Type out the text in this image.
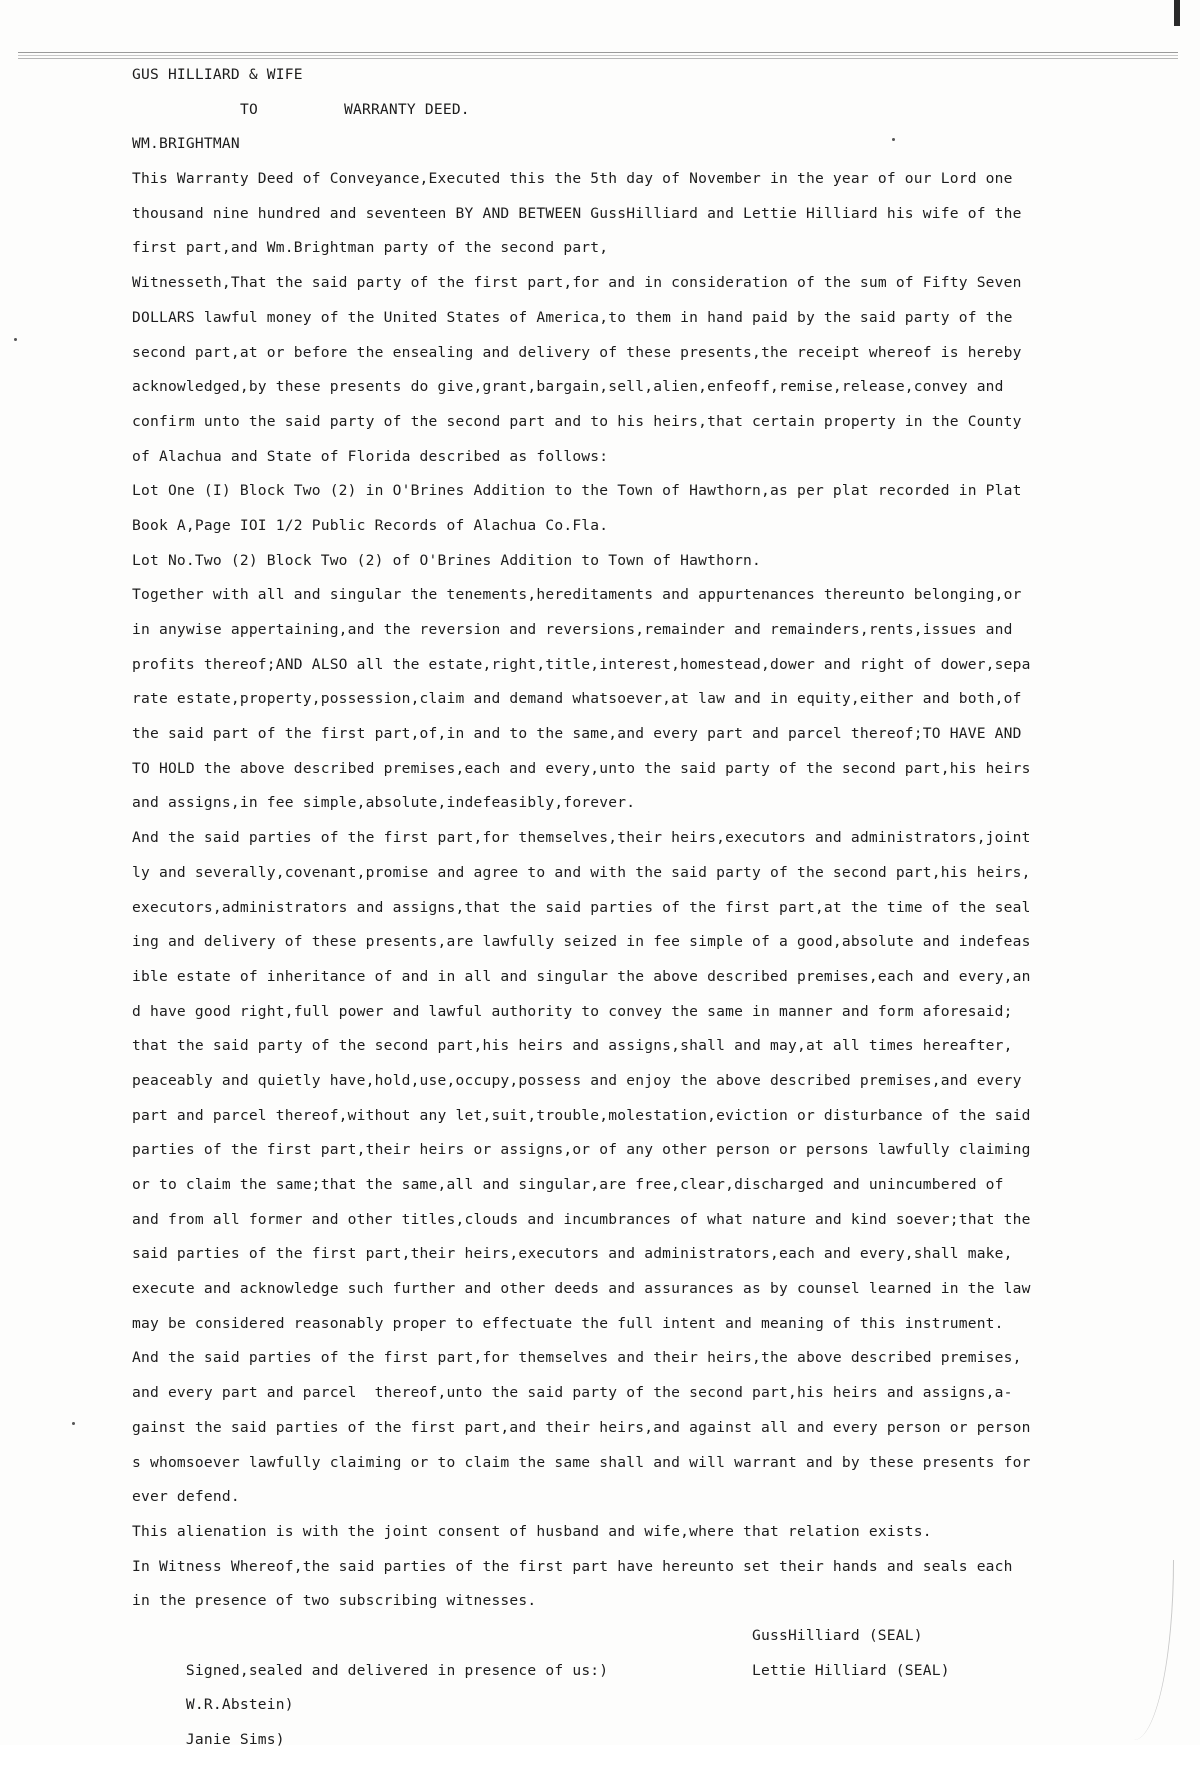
GUS HILLIARD & WIFE
TO	WARRANTY DEED.
WM.BRIGHTMAN
This Warranty Deed of Conveyance,Executed this the 5th day of November in the year of our Lord one
thousand nine hundred and seventeen BY AND BETWEEN GussHilliard and Lettie Hilliard his wife of the
first part,and Wm.Brightman party of the second part,
Witnesseth,That the said party of the first part,for and in consideration of the sum of Fifty Seven
DOLLARS lawful money of the United States of America,to them in hand paid by the said party of the
second part,at or before the ensealing and delivery of these presents,the receipt whereof is hereby
acknowledged,by these presents do give,grant,bargain,sell,alien,enfeoff,remise,release,convey and
confirm unto the said party of the second part and to his heirs,that certain property in the County
of Alachua and State of Florida described as follows:
Lot One (I) Block Two (2) in O'Brines Addition to the Town of Hawthorn,as per plat recorded in Plat
Book A,Page IOI 1/2 Public Records of Alachua Co.Fla.
Lot No.Two (2) Block Two (2) of O'Brines Addition to Town of Hawthorn.
Together with all and singular the tenements,hereditaments and appurtenances thereunto belonging,or
in anywise appertaining,and the reversion and reversions,remainder and remainders,rents,issues and
profits thereof;AND ALSO all the estate,right,title,interest,homestead,dower and right of dower,sepa
rate estate,property,possession,claim and demand whatsoever,at law and in equity,either and both,of
the said part of the first part,of,in and to the same,and every part and parcel thereof;TO HAVE AND
TO HOLD the above described premises,each and every,unto the said party of the second part,his heirs
and assigns,in fee simple,absolute,indefeasibly,forever.
And the said parties of the first part,for themselves,their heirs,executors and administrators,joint
ly and severally,covenant,promise and agree to and with the said party of the second part,his heirs,
executors,administrators and assigns,that the said parties of the first part,at the time of the seal
ing and delivery of these presents,are lawfully seized in fee simple of a good,absolute and indefeas
ible estate of inheritance of and in all and singular the above described premises,each and every,an
d have good right,full power and lawful authority to convey the same in manner and form aforesaid;
that the said party of the second part,his heirs and assigns,shall and may,at all times hereafter,
peaceably and quietly have,hold,use,occupy,possess and enjoy the above described premises,and every
part and parcel thereof,without any let,suit,trouble,molestation,eviction or disturbance of the said
parties of the first part,their heirs or assigns,or of any other person or persons lawfully claiming
or to claim the same;that the same,all and singular,are free,clear,discharged and unincumbered of
and from all former and other titles,clouds and incumbrances of what nature and kind soever;that the
said parties of the first part,their heirs,executors and administrators,each and every,shall make,
execute and acknowledge such further and other deeds and assurances as by counsel learned in the law
may be considered reasonably proper to effectuate the full intent and meaning of this instrument.
And the said parties of the first part,for themselves and their heirs,the above described premises,
and every part and parcel  thereof,unto the said party of the second part,his heirs and assigns,a-
gainst the said parties of the first part,and their heirs,and against all and every person or person
s whomsoever lawfully claiming or to claim the same shall and will warrant and by these presents for
ever defend.
This alienation is with the joint consent of husband and wife,where that relation exists.
In Witness Whereof,the said parties of the first part have hereunto set their hands and seals each
in the presence of two subscribing witnesses.

Signed,sealed and delivered in presence of us:)

GussHilliard (SEAL)

W.R.Abstein)

Lettie Hilliard (SEAL)

Janie Sims)
